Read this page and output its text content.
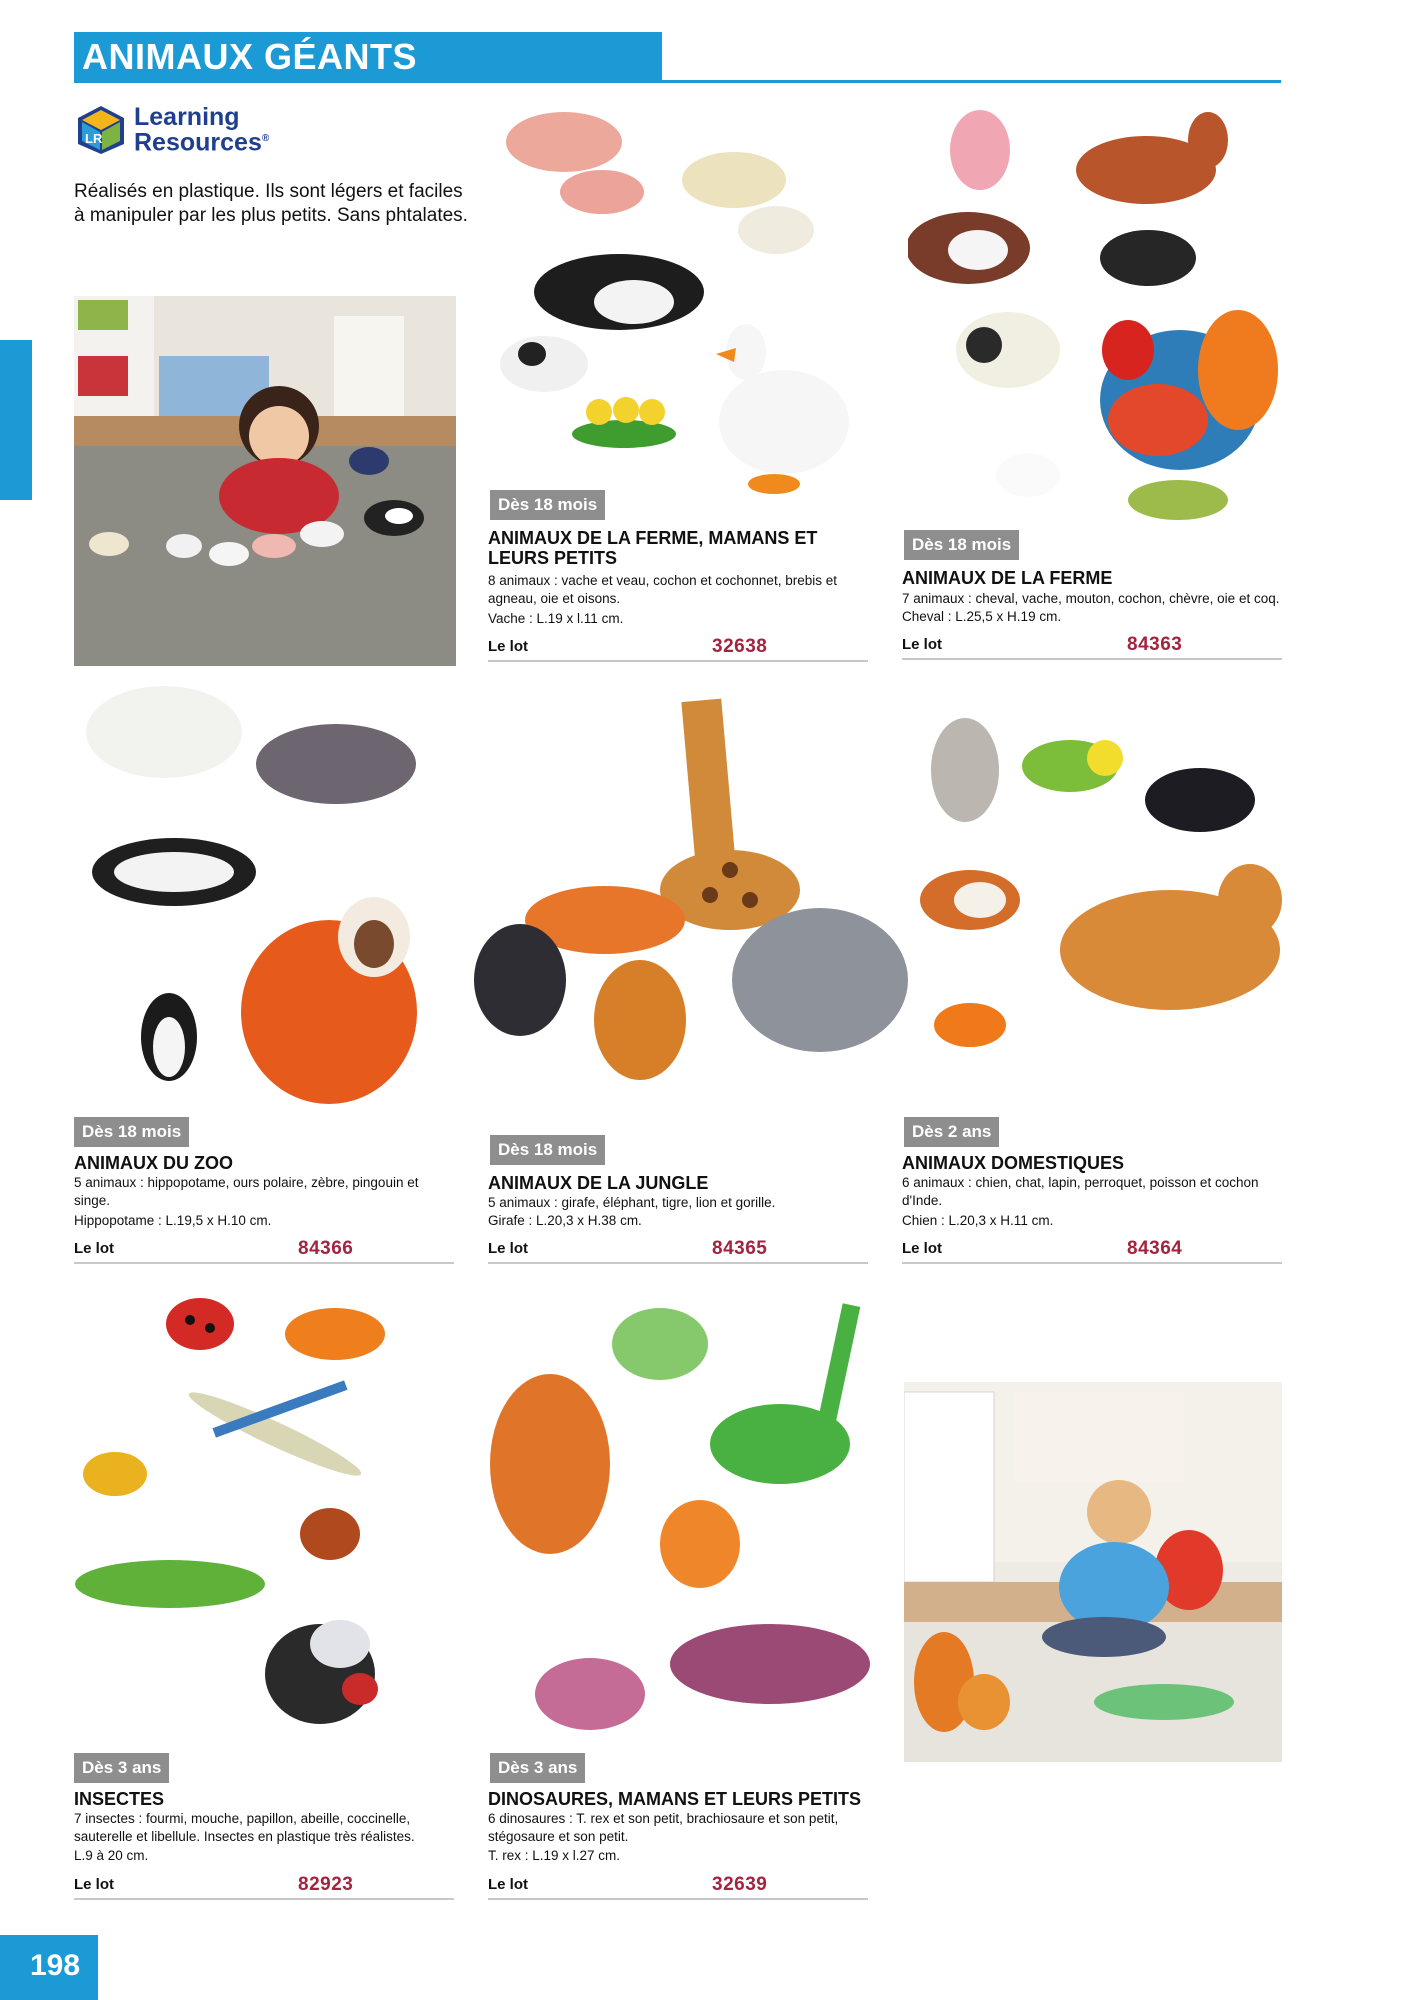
ANIMAUX GÉANTS
LR
Learning
Resources®
Réalisés en plastique. Ils sont légers et faciles à manipuler par les plus petits. Sans phtalates.
Dès 18 mois
ANIMAUX DE LA FERME, MAMANS ET LEURS PETITS
8 animaux : vache et veau, cochon et cochonnet, brebis et agneau, oie et oisons.
Vache : L.19 x l.11 cm.
Le lot	32638
Dès 18 mois
ANIMAUX DE LA FERME
7 animaux : cheval, vache, mouton, cochon, chèvre, oie et coq.
Cheval : L.25,5 x H.19 cm.
Le lot	84363
Dès 18 mois
ANIMAUX DU ZOO
5 animaux : hippopotame, ours polaire, zèbre, pingouin et singe.
Hippopotame : L.19,5 x H.10 cm.
Le lot	84366
Dès 18 mois
ANIMAUX DE LA JUNGLE
5 animaux : girafe, éléphant, tigre, lion et gorille.
Girafe : L.20,3 x H.38 cm.
Le lot	84365
Dès 2 ans
ANIMAUX DOMESTIQUES
6 animaux : chien, chat, lapin, perroquet, poisson et cochon d'Inde.
Chien : L.20,3 x H.11 cm.
Le lot	84364
Dès 3 ans
INSECTES
7 insectes : fourmi, mouche, papillon, abeille, coccinelle, sauterelle et libellule. Insectes en plastique très réalistes.
L.9 à 20 cm.
Le lot	82923
Dès 3 ans
DINOSAURES, MAMANS ET LEURS PETITS
6 dinosaures : T. rex et son petit, brachiosaure et son petit, stégosaure et son petit.
T. rex : L.19 x l.27 cm.
Le lot	32639
198
